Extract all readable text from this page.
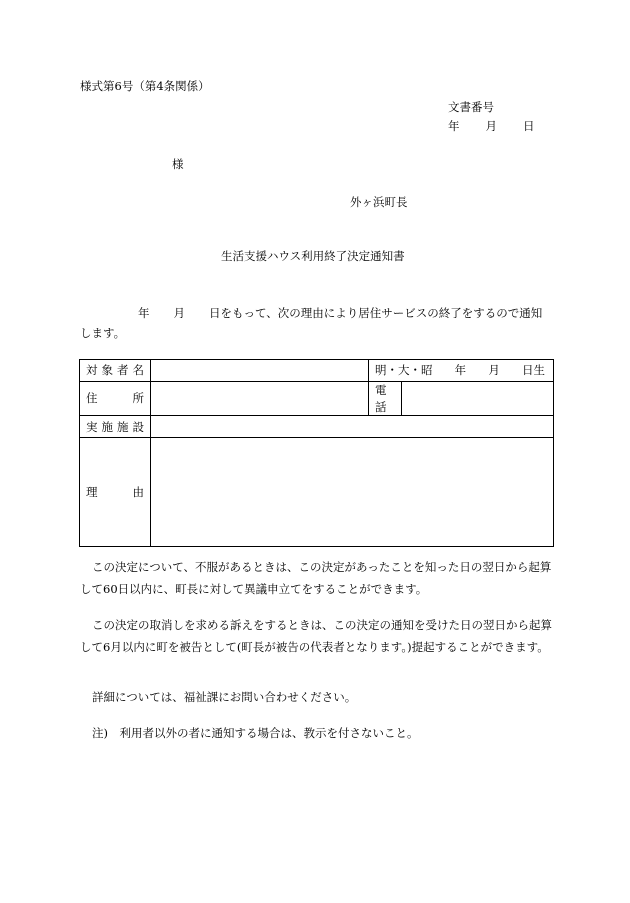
様式第6号（第4条関係）
文書番号
年 月 日
様
外ヶ浜町長
生活支援ハウス利用終了決定通知書
年 月 日をもって、次の理由により居住サービスの終了をするので通知
します。
対 象 者 名		明・大・昭 年 月 日生	

住 所		電話	

実 施 施 設			

理 由			

この決定について、不服があるときは、この決定があったことを知った日の翌日から起算して60日以内に、町長に対して異議申立てをすることができます。
この決定の取消しを求める訴えをするときは、この決定の通知を受けた日の翌日から起算して6月以内に町を被告として(町長が被告の代表者となります。)提起することができます。
詳細については、福祉課にお問い合わせください。
注)　利用者以外の者に通知する場合は、教示を付さないこと。
